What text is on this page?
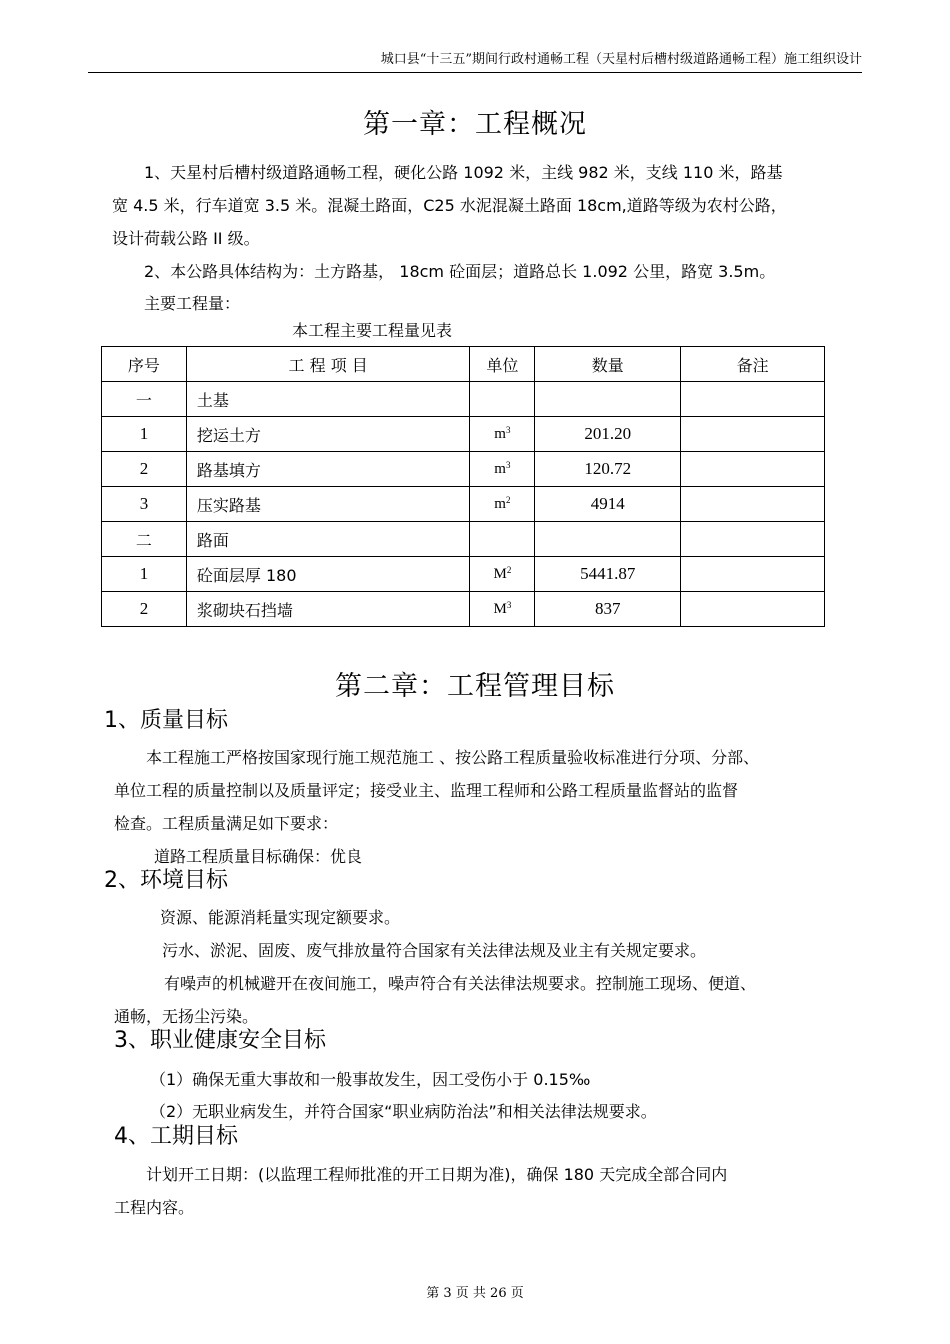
城口县“十三五”期间行政村通畅工程（天星村后槽村级道路通畅工程）施工组织设计
第一章：工程概况
1、天星村后槽村级道路通畅工程，硬化公路 1092 米，主线 982 米，支线 110 米，路基
宽 4.5 米，行车道宽 3.5 米。混凝土路面，C25 水泥混凝土路面 18cm,道路等级为农村公路，
设计荷载公路 II 级。
2、本公路具体结构为：土方路基， 18cm 砼面层；道路总长 1.092 公里，路宽 3.5m。
主要工程量：
本工程主要工程量见表
序号	工 程 项 目	单位	数量	备注
一	土基			
1	挖运土方	$m^3$	201.20	
2	路基填方	$m^3$	120.72	
3	压实路基	$m^2$	4914	
二	路面			
1	砼面层厚 180	$M^2$	5441.87	
2	浆砌块石挡墙	$M^3$	837	
第二章：工程管理目标
1、质量目标
本工程施工严格按国家现行施工规范施工 、按公路工程质量验收标准进行分项、分部、
单位工程的质量控制以及质量评定；接受业主、监理工程师和公路工程质量监督站的监督
检查。工程质量满足如下要求：
道路工程质量目标确保：优良
2、环境目标
资源、能源消耗量实现定额要求。
污水、淤泥、固废、废气排放量符合国家有关法律法规及业主有关规定要求。
有噪声的机械避开在夜间施工，噪声符合有关法律法规要求。控制施工现场、便道、
通畅，无扬尘污染。
3、职业健康安全目标
（1）确保无重大事故和一般事故发生，因工受伤小于 0.15‰
（2）无职业病发生，并符合国家“职业病防治法”和相关法律法规要求。
4、工期目标
计划开工日期：(以监理工程师批准的开工日期为准)，确保 180 天完成全部合同内
工程内容。
第 3 页 共 26 页
